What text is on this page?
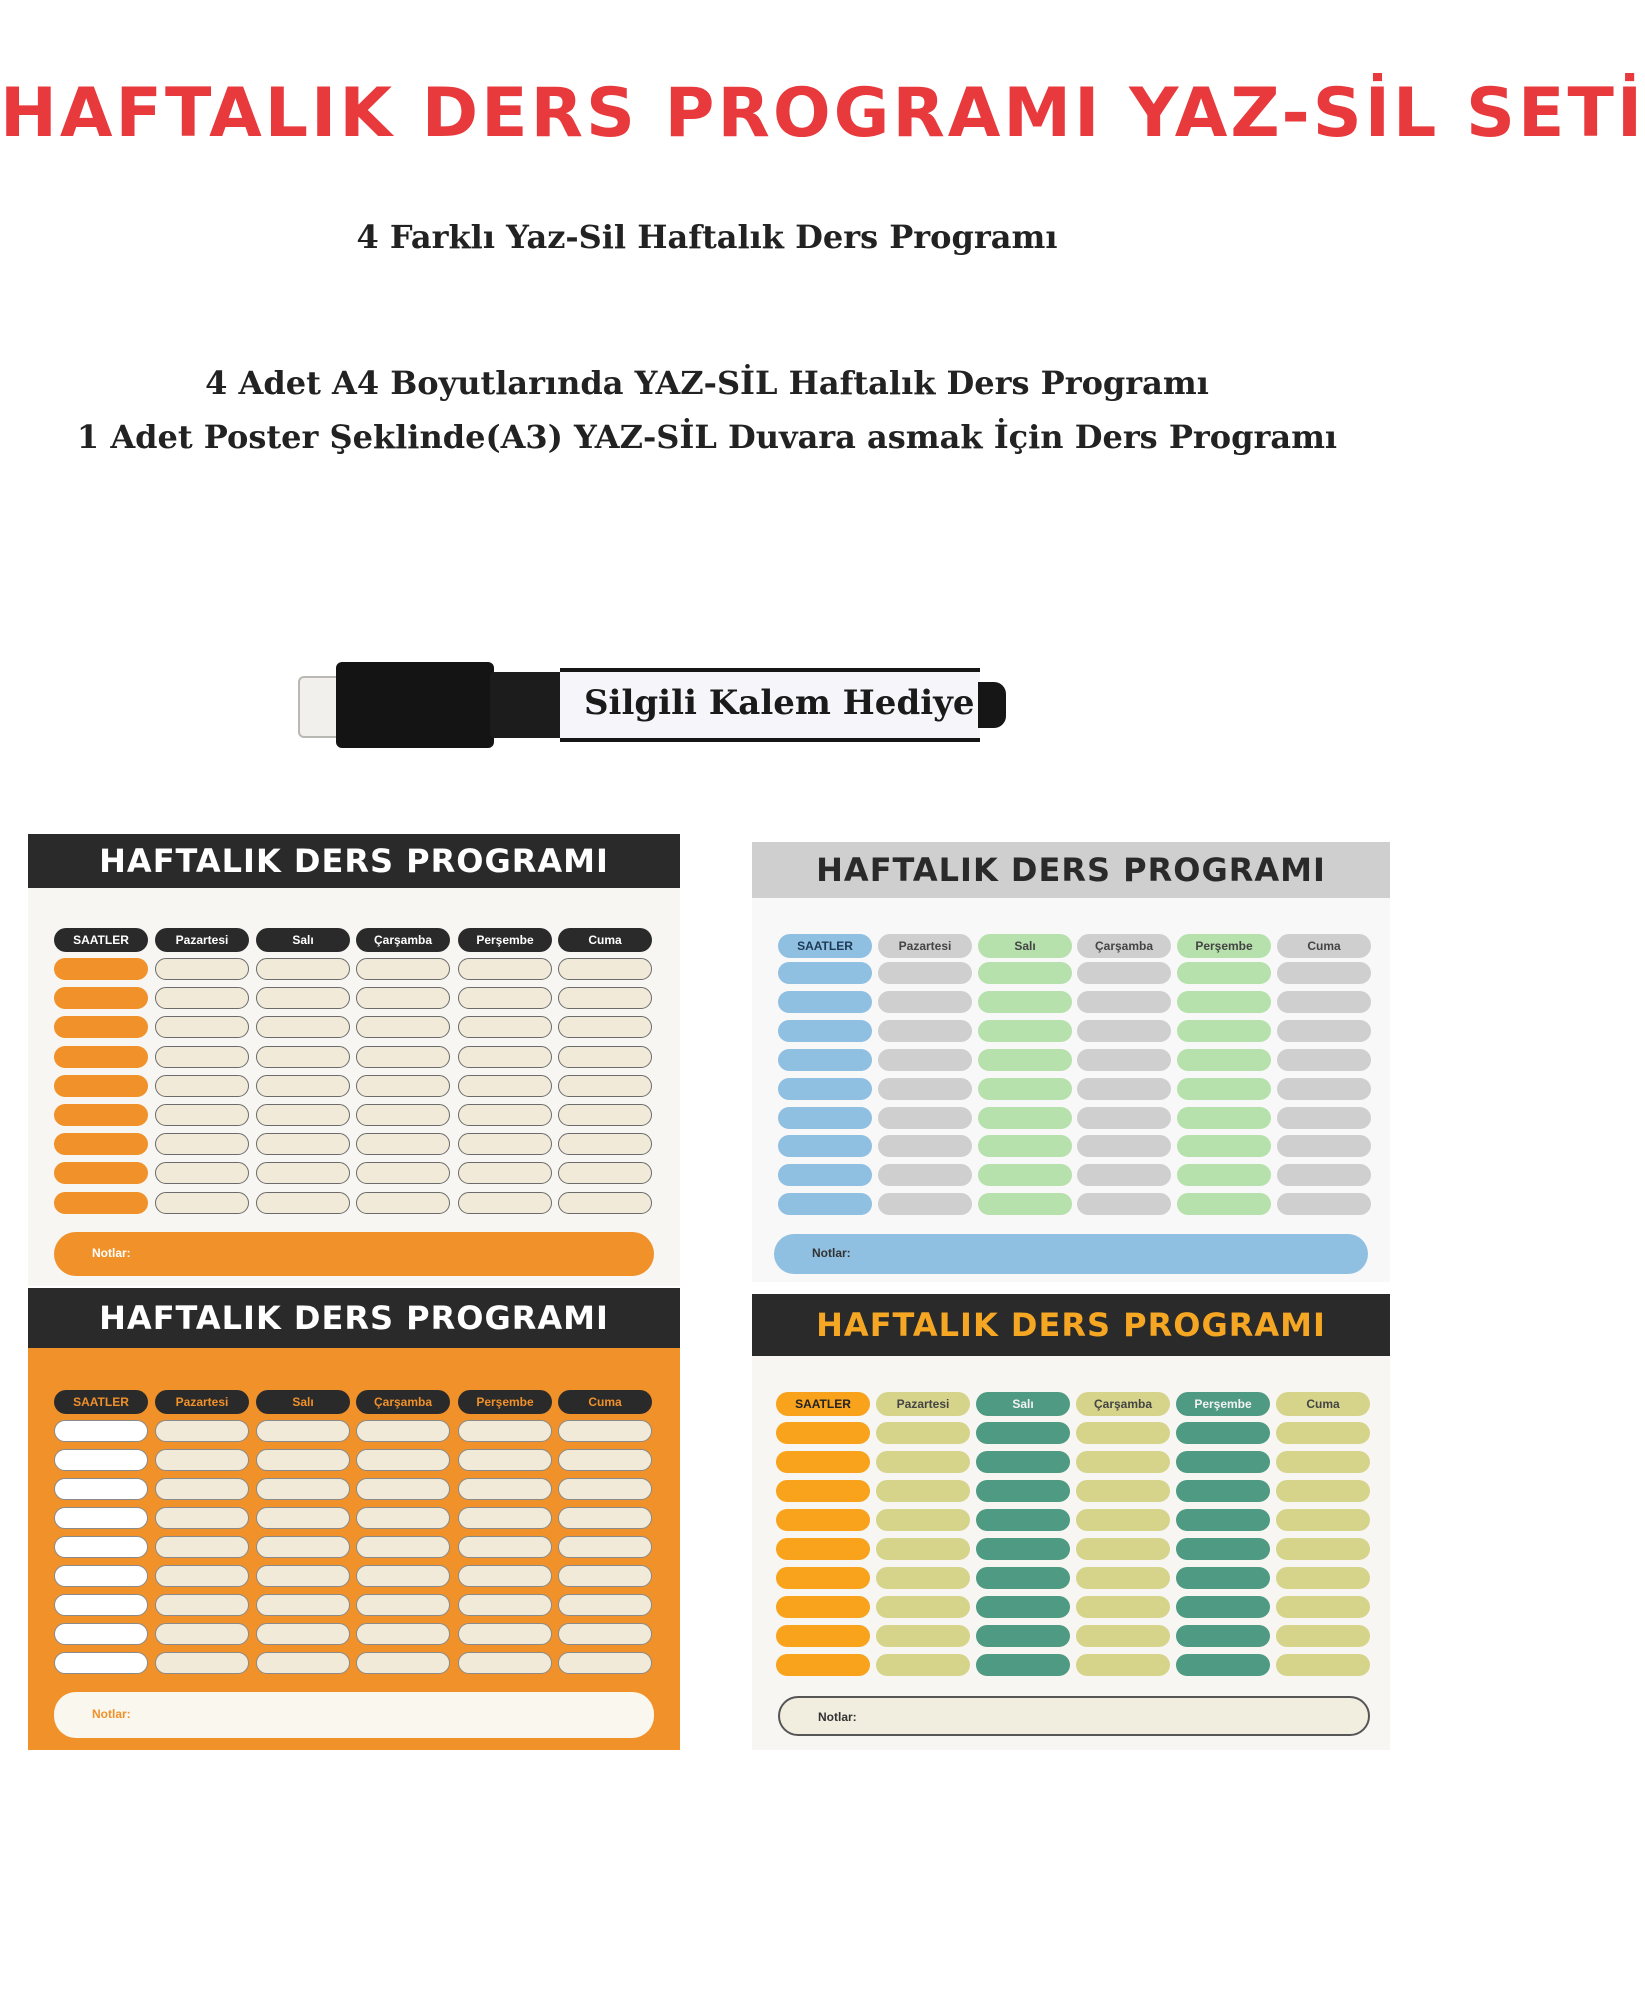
HAFTALIK DERS PROGRAMI YAZ-SİL SETİ

4 Farklı Yaz-Sil Haftalık Ders Programı

4 Adet A4 Boyutlarında YAZ-SİL Haftalık Ders Programı

1 Adet Poster Şeklinde(A3) YAZ-SİL Duvara asmak İçin Ders Programı

Silgili Kalem Hediye
HAFTALIK DERS PROGRAMI
SAATLER	Pazartesi	Salı	Çarşamba	Perşembe	Cuma
Notlar:
HAFTALIK DERS PROGRAMI
SAATLER	Pazartesi	Salı	Çarşamba	Perşembe	Cuma
Notlar:
HAFTALIK DERS PROGRAMI
SAATLER	Pazartesi	Salı	Çarşamba	Perşembe	Cuma
Notlar:
HAFTALIK DERS PROGRAMI
SAATLER	Pazartesi	Salı	Çarşamba	Perşembe	Cuma
Notlar:
